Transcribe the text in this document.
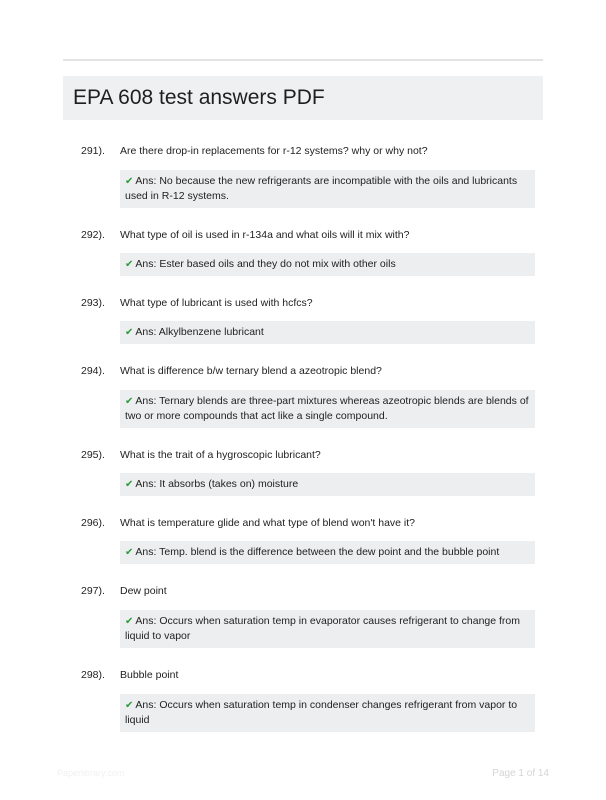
EPA 608 test answers PDF
291). Are there drop-in replacements for r-12 systems? why or why not?
✔ Ans: No because the new refrigerants are incompatible with the oils and lubricants used in R-12 systems.
292). What type of oil is used in r-134a and what oils will it mix with?
✔ Ans: Ester based oils and they do not mix with other oils
293). What type of lubricant is used with hcfcs?
✔ Ans: Alkylbenzene lubricant
294). What is difference b/w ternary blend a azeotropic blend?
✔ Ans: Ternary blends are three-part mixtures whereas azeotropic blends are blends of two or more compounds that act like a single compound.
295). What is the trait of a hygroscopic lubricant?
✔ Ans: It absorbs (takes on) moisture
296). What is temperature glide and what type of blend won't have it?
✔ Ans: Temp. blend is the difference between the dew point and the bubble point
297). Dew point
✔ Ans: Occurs when saturation temp in evaporator causes refrigerant to change from liquid to vapor
298). Bubble point
✔ Ans: Occurs when saturation temp in condenser changes refrigerant from vapor to liquid
Paperlibrary.com	Page 1 of 14
